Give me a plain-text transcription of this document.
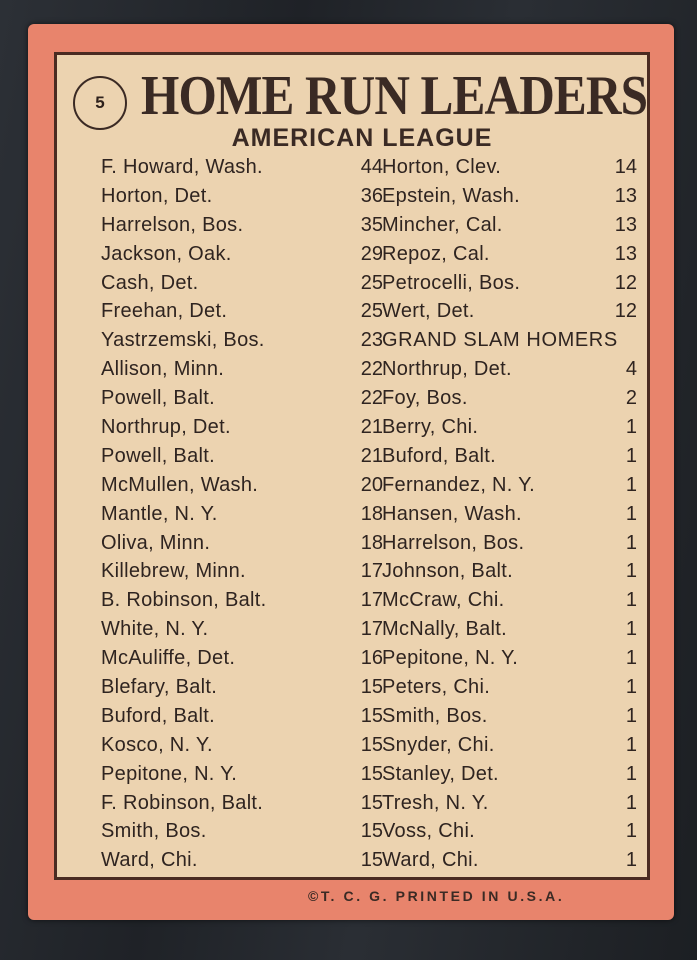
5 HOME RUN LEADERS
AMERICAN LEAGUE
F. Howard, Wash.	44
Horton, Det.	36
Harrelson, Bos.	35
Jackson, Oak.	29
Cash, Det.	25
Freehan, Det.	25
Yastrzemski, Bos.	23
Allison, Minn.	22
Powell, Balt.	22
Northrup, Det.	21
Powell, Balt.	21
McMullen, Wash.	20
Mantle, N. Y.	18
Oliva, Minn.	18
Killebrew, Minn.	17
B. Robinson, Balt.	17
White, N. Y.	17
McAuliffe, Det.	16
Blefary, Balt.	15
Buford, Balt.	15
Kosco, N. Y.	15
Pepitone, N. Y.	15
F. Robinson, Balt.	15
Smith, Bos.	15
Ward, Chi.	15
Horton, Clev.	14
Epstein, Wash.	13
Mincher, Cal.	13
Repoz, Cal.	13
Petrocelli, Bos.	12
Wert, Det.	12
GRAND SLAM HOMERS
Northrup, Det.	4
Foy, Bos.	2
Berry, Chi.	1
Buford, Balt.	1
Fernandez, N. Y.	1
Hansen, Wash.	1
Harrelson, Bos.	1
Johnson, Balt.	1
McCraw, Chi.	1
McNally, Balt.	1
Pepitone, N. Y.	1
Peters, Chi.	1
Smith, Bos.	1
Snyder, Chi.	1
Stanley, Det.	1
Tresh, N. Y.	1
Voss, Chi.	1
Ward, Chi.	1
©T. C. G. PRINTED IN U.S.A.
